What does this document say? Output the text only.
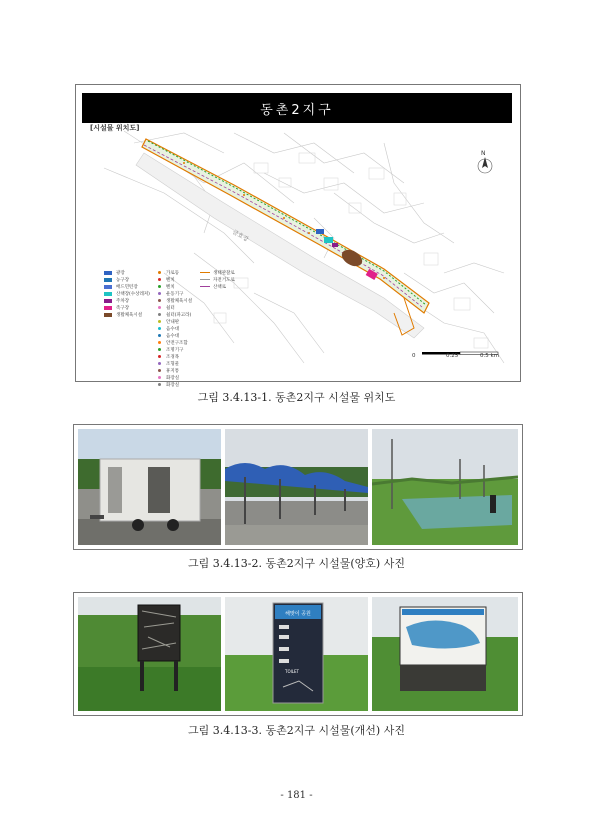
동촌2지구
금호강
N
[시설물 위치도]
광장
농구장
배드민턴장
산책장(수상레져)
주차장
족구장
생활체육시설
가로등
벤치
벤치
운동기구
생활체육시설
쉼터
쉼터(파고라)
안내판
음수대
음수대
안전구조함
조명기구
조경목
조형물
휴지통
화장실
화장실
생태관찰로
자전거도로
산책로
0	0.25	0.5 km
그림 3.4.13-1. 동촌2지구 시설물 위치도
그림 3.4.13-2. 동촌2지구 시설물(양호) 사진
해맞이 공원
TOILET
그림 3.4.13-3. 동촌2지구 시설물(개선) 사진
- 181 -
